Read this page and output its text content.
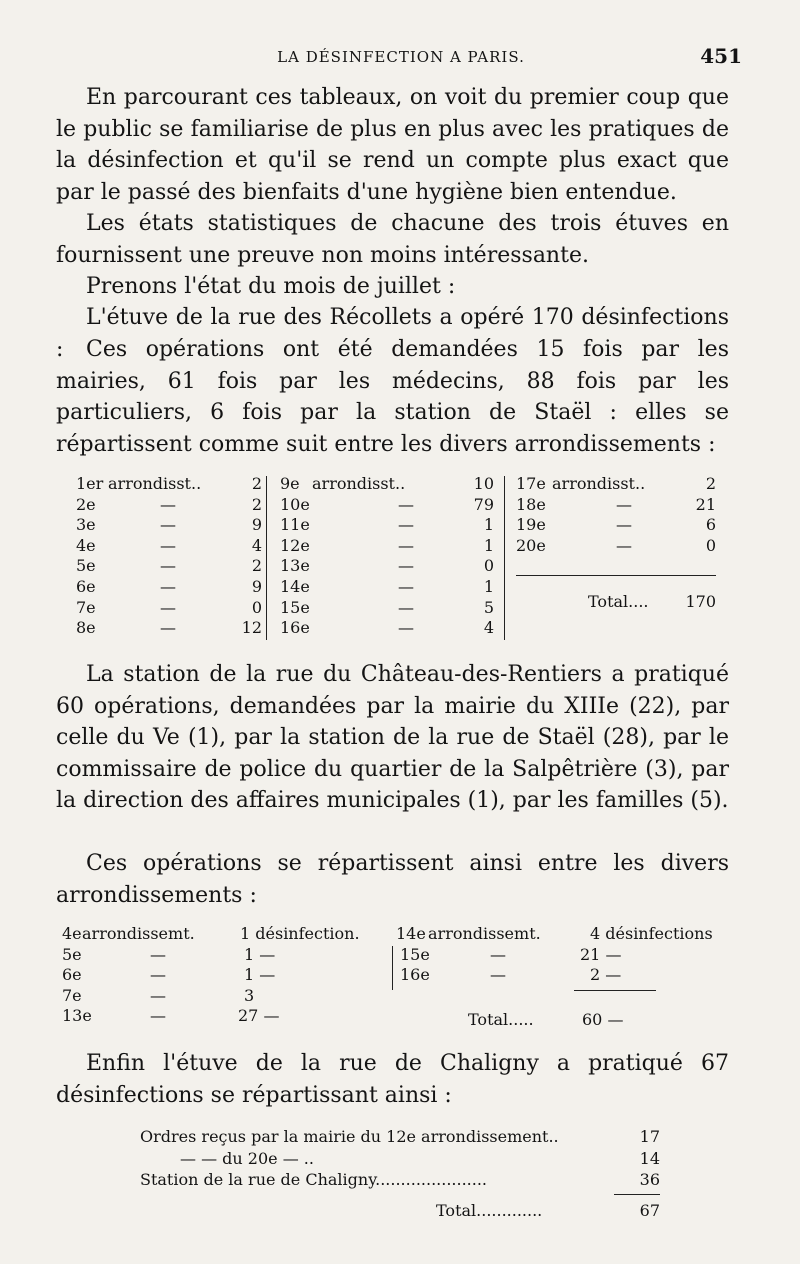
LA DÉSINFECTION A PARIS.	451

En parcourant ces tableaux, on voit du premier coup que le public se familiarise de plus en plus avec les pratiques de la désinfection et qu'il se rend un compte plus exact que par le passé des bienfaits d'une hygiène bien entendue.

Les états statistiques de chacune des trois étuves en fournissent une preuve non moins intéressante.

Prenons l'état du mois de juillet :

L'étuve de la rue des Récollets a opéré 170 désinfections :	Ces opérations ont été demandées 15 fois par les mairies, 61 fois par les médecins, 88 fois par les particuliers, 6 fois par la station de Staël : elles se répartissent comme suit entre les divers arrondissements :

1er arrondisst..	2
2e	—	2
3e	—	9
4e	—	4
5e	—	2
6e	—	9
7e	—	0
8e	—	12
9e arrondisst..	10
10e	—	79
11e	—	1
12e	—	1
13e	—	0
14e	—	1
15e	—	5
16e	—	4
17e arrondisst..	2
18e	—	21
19e	—	6
20e	—	0
Total.... 170

La station de la rue du Château-des-Rentiers a pratiqué 60 opérations, demandées par la mairie du XIIIe (22), par celle du Ve (1), par la station de la rue de Staël (28), par le commissaire de police du quartier de la Salpêtrière (3), par la direction des affaires municipales (1), par les familles (5).

Ces opérations se répartissent ainsi entre les divers arrondissements :

4e arrondissemt.	1 désinfection.
5e	—	1 —
6e	—	1 —
7e	—	3
13e	—	27 —
14e arrondissemt.	4 désinfections
15e	—	21 —
16e	—	2 —
Total.....	60 —

Enfin l'étuve de la rue de Chaligny a pratiqué 67 désinfections se répartissant ainsi :

Ordres reçus par la mairie du 12e arrondissement..	17
— — du 20e — ..	14
Station de la rue de Chaligny......................	36
Total.............	67
